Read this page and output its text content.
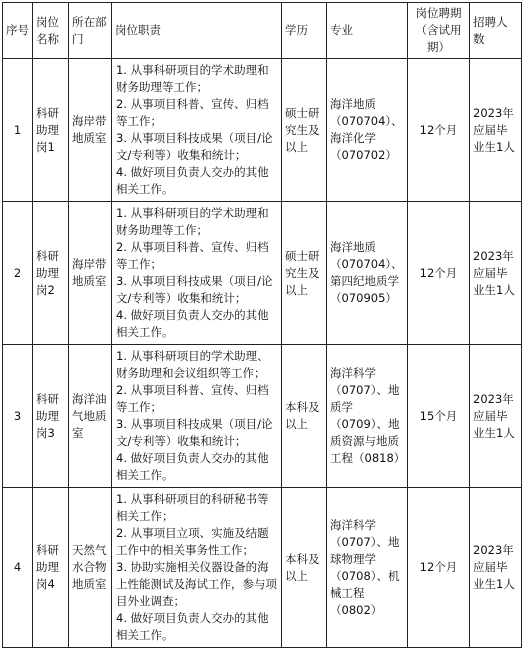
序号	岗位名称	所在部门	岗位职责	学历	专业	岗位聘期（含试用期）	招聘人数
1	科研助理岗1	海岸带地质室	1. 从事科研项目的学术助理和财务助理等工作；
2. 从事项目科普、宣传、归档等工作；
3. 从事项目科技成果（项目/论文/专利等）收集和统计；
4. 做好项目负责人交办的其他相关工作。	硕士研究生及以上	海洋地质（070704）、海洋化学（070702）	12个月	2023年应届毕业生1人
2	科研助理岗2	海岸带地质室	1. 从事科研项目的学术助理和财务助理等工作；
2. 从事项目科普、宣传、归档等工作；
3. 从事项目科技成果（项目/论文/专利等）收集和统计；
4. 做好项目负责人交办的其他相关工作。	硕士研究生及以上	海洋地质（070704）、第四纪地质学（070905）	12个月	2023年应届毕业生1人
3	科研助理岗3	海洋油气地质室	1. 从事科研项目的学术助理、财务助理和会议组织等工作；
2. 从事项目科普、宣传、归档等工作；
3. 从事项目科技成果（项目/论文/专利等）收集和统计；
4. 做好项目负责人交办的其他相关工作。	本科及以上	海洋科学（0707）、地质学（0709）、地质资源与地质工程（0818）	15个月	2023年应届毕业生1人
4	科研助理岗4	天然气水合物地质室	1. 从事科研项目的科研秘书等相关工作；
2. 从事项目立项、实施及结题工作中的相关事务性工作；
3. 协助实施相关仪器设备的海上性能测试及海试工作，参与项目外业调查；
4. 做好项目负责人交办的其他相关工作。	本科及以上	海洋科学（0707）、地球物理学（0708）、机械工程（0802）	12个月	2023年应届毕业生1人
